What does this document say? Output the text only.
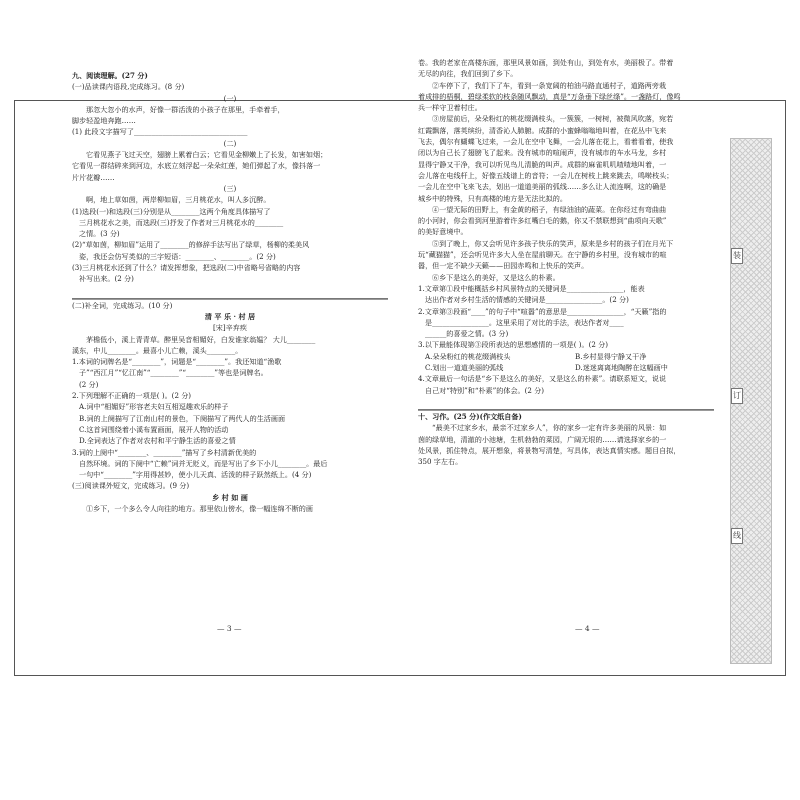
九、阅读理解。(27 分)
(一)品读课内语段,完成练习。(8 分)
(一)
那忽大忽小的水声，好像一群活泼的小孩子在那里，手牵着手，
脚步轻盈地奔跑……
(1) 此段文字描写了________________________________
(二)
它看见燕子飞过天空，翅膀上累着白云；它看见金柳嫩上了长发，如害如烟；
它看见一群结碎来到河边，水底立刻浮起一朵朵红莲，她们弹起了水，像抖落一
片片花瓣……
(三)
啊，地上草如茵，两岸柳如眉，三月桃花水，叫人多沉醉。
(1)选段(一)和选段(三)分别是从________这两个角度具体描写了
三月桃花水之美，而选段(三)抒发了作者对三月桃花水的________
之情。(3 分)
(2)“草如茵，柳如眉”运用了________的修辞手法写出了绿草，杨柳的柔美风
姿，我还会仿写类似的三字短语：________、________。(2 分)
(3)三月桃花水还到了什么？请发挥想象，把选段(二)中省略号省略的内容
补写出来。(2 分)
(二)补全词，完成练习。(10 分)
清 平 乐 · 村 居
[宋]辛弃疾
茅檐低小，溪上青青草。醉里吴音相媚好，白发谁家翁媪？ 大儿________
溪东，中儿________。最喜小儿亡赖，溪头________。
1.本词的词牌名是“________”，词题是“________”。我还知道“渔歌
子”“西江月”“忆江南”“________”“________”等也是词牌名。
(2 分)
2.下列理解不正确的一项是( )。(2 分)
A.词中“相媚好”形容老夫妇互相逗趣欢乐的样子
B.词的上阕描写了江南山村的景色，下阕描写了两代人的生活画面
C.这首词围绕着小溪布置画面，展开人物的活动
D.全词表达了作者对农村和平宁静生活的喜爱之情
3.词的上阕中“________、________”描写了乡村清新优美的
自然环境。词的下阕中“亡赖”词并无贬义，而是写出了乡下小儿________。最后
一句中“________”字用得甚妙，使小儿天真、活泼的样子跃然纸上。(4 分)
(三)阅读课外短文，完成练习。(9 分)
乡 村 如 画
①乡下，一个多么令人向往的地方。那里依山傍水，像一幅连绵不断的画
— 3 —
卷。我的老家在高楼东面，那里风景如画，到处有山，到处有水，美丽极了。带着
无尽的向往，我们回到了乡下。
②车停下了，我们下了车，看到一条宽阔的柏油马路直通村子，道路两旁栽
着成排的梧桐，碧绿柔软的枝条随风飘动，真是“万条垂下绿丝绦”。一盏路灯，像鸣
兵一样守卫着村庄。
③房屋前后，朵朵粉红的桃花缀满枝头，一簇簇，一树树，被微风吹落，宛若
红霞飘落，落英缤纷，清香沁人肺腑。成群的小蜜蜂嗡嗡地叫着，在花丛中飞来
飞去，偶尔有蝴蝶飞过来，一会儿在空中飞舞，一会儿落在花上，看着看着，使我
闭以为自己长了翅膀飞了起来。没有城市的喧闹声，没有城市的车水马龙，乡村
显得宁静又干净，我可以听见鸟儿清脆的叫声。成群的麻雀叽叽喳喳地叫着，一
会儿落在电线杆上，好像五线谱上的音符；一会儿在树枝上跳来跳去，鸣啭枝头；
一会儿在空中飞来飞去，划出一道道美丽的弧线……多么让人流连啊，这的确是
城乡中的特殊，只有高楼的地方是无法比拟的。
④一望无际的田野上，有金黄的稻子，有绿油油的蔬菜。在你经过有弯曲曲
的小河时，你会看到河里游着许多红嘴白毛的鹅，你又不禁联想到“曲项向天歌”
的美好意境中。
⑤到了晚上，你又会听见许多孩子快乐的笑声，原来是乡村的孩子们在月光下
玩“藏猫猫”，还会听见许多大人坐在屋前聊天。在宁静的乡村里，没有城市的喧
嚣，但一定不缺少天籁——田园赤鸣和上快乐的笑声。
⑥乡下是这么的美好，又是这么的朴素。
1.文章第①段中能概括乡村风景特点的关键词是________________，能表
达出作者对乡村生活的情感的关键词是________________。(2 分)
2.文章第③段画“____”的句子中“喧嚣”的意思是________________，“天籁”指的
是________________。这里采用了对比的手法，表达作者对____
______的喜爱之情。(3 分)
3.以下最能体现第③段所表达的思想感情的一项是( )。(2 分)
A.朵朵粉红的桃花缀满枝头	B.乡村显得宁静又干净
C.划出一道道美丽的弧线	D.迷迷离离地陶醉在这幅画中
4.文章最后一句话是“乡下是这么的美好，又是这么的朴素”。请联系短文，说说
自己对“特别”和“朴素”的体会。(2 分)
十、习作。(25 分)(作文纸自备)
“最美不过家乡水，最亲不过家乡人”，你的家乡一定有许多美丽的风景：如
茵的绿草地，清澈的小池塘，生机勃勃的菜园，广阔无垠的……请选择家乡的一
处风景，抓住特点，展开想象，将景物写清楚，写具体，表达真情实感。题目自拟，
350 字左右。
— 4 —
装
订
线
